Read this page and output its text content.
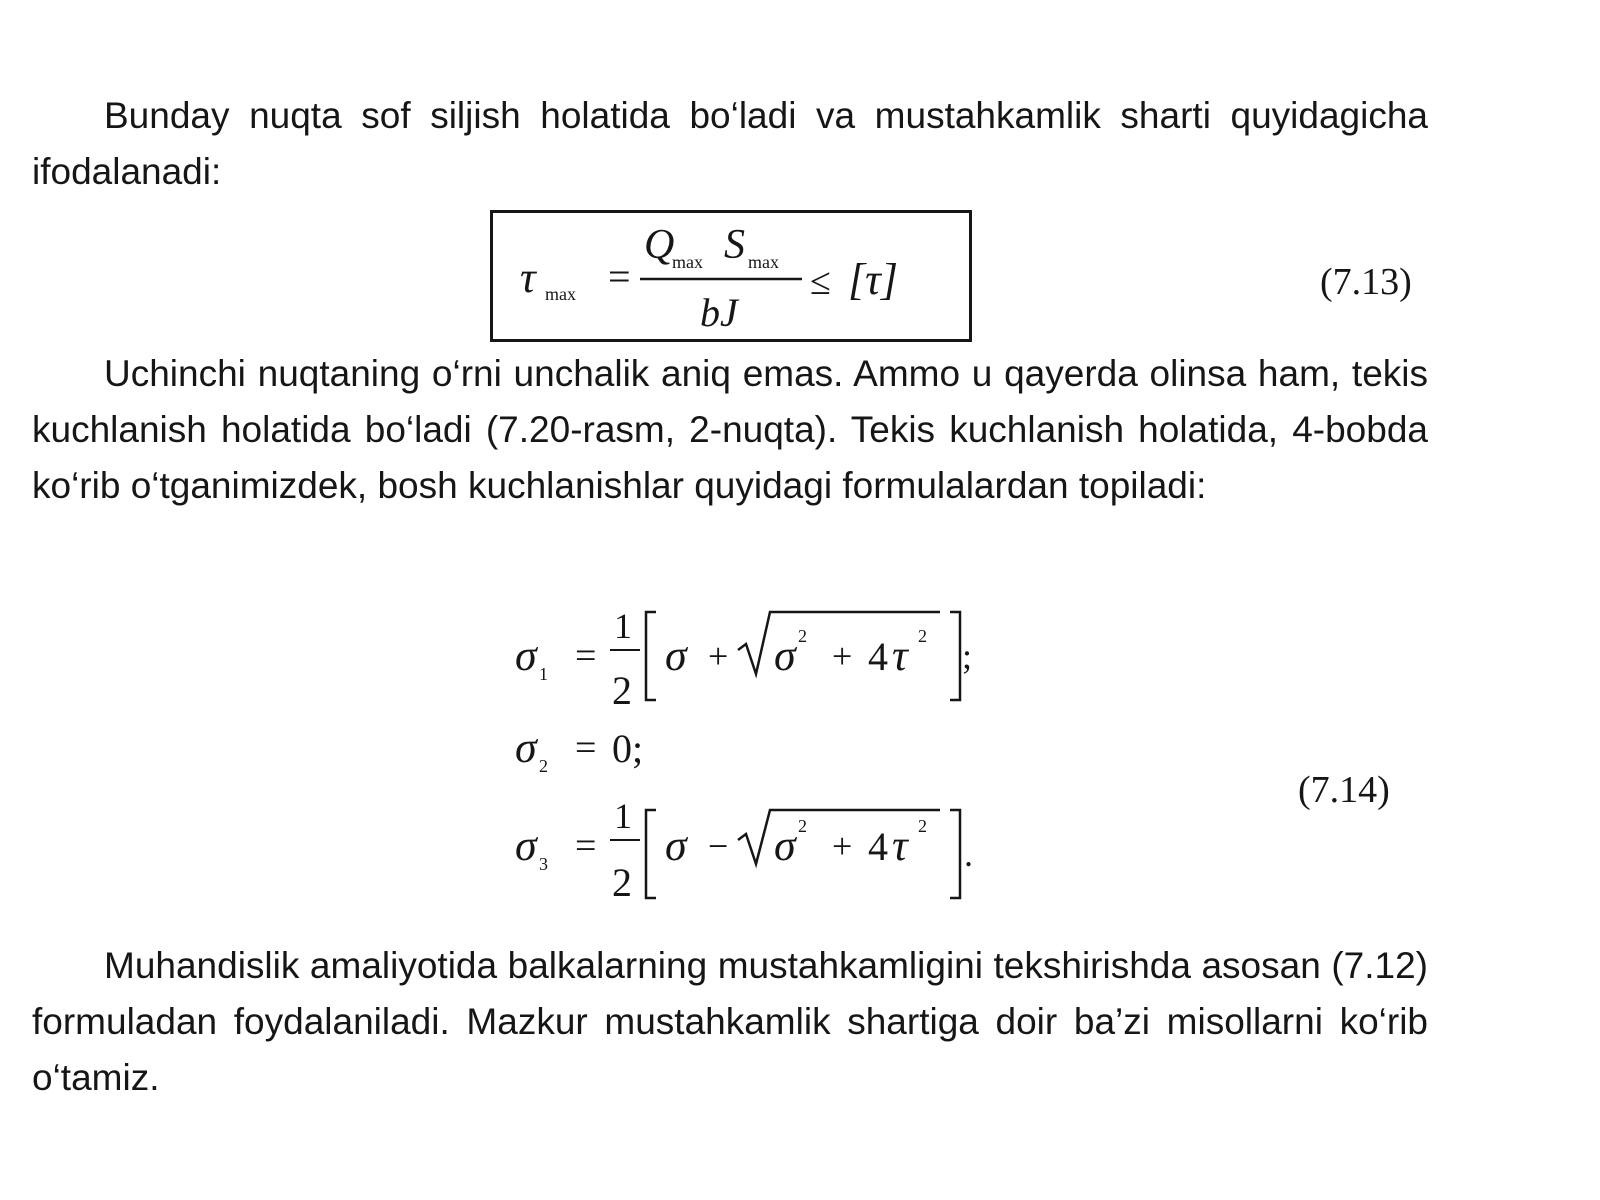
Bunday nuqta sof siljish holatida bo‘ladi va mustahkamlik sharti quyidagicha ifodalanadi:

τ max =
Q
max S max
bJ
≤ [τ]	(7.13)

Uchinchi nuqtaning o‘rni unchalik aniq emas. Ammo u qayerda olinsa ham, tekis kuchlanish holatida bo‘ladi (7.20-rasm, 2-nuqta). Tekis kuchlanish holatida, 4-bobda ko‘rib o‘tganimizdek, bosh kuchlanishlar quyidagi formulalardan topiladi:

σ 1 =
1
2
σ + σ 2 + 4 τ 2 ;
σ 2 = 0;
σ 3 =
1
2
σ − σ 2 + 4 τ 2
.
(7.14)

Muhandislik amaliyotida balkalarning mustahkamligini tekshirishda asosan (7.12) formuladan foydalaniladi. Mazkur mustahkamlik shartiga doir ba’zi misollarni ko‘rib o‘tamiz.
